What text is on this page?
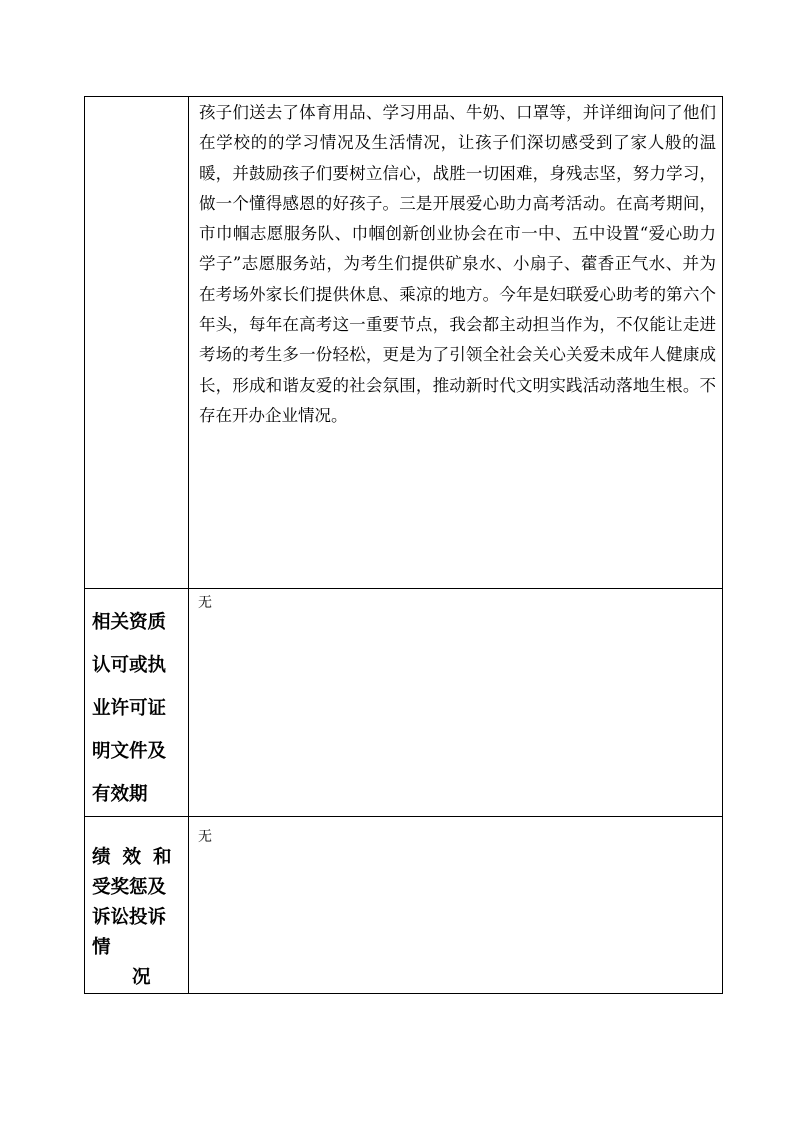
	孩子们送去了体育用品、学习用品、牛奶、口罩等，并详细询问了他们在学校的的学习情况及生活情况，让孩子们深切感受到了家人般的温暖，并鼓励孩子们要树立信心，战胜一切困难，身残志坚，努力学习，做一个懂得感恩的好孩子。三是开展爱心助力高考活动。在高考期间，市巾帼志愿服务队、巾帼创新创业协会在市一中、五中设置“爱心助力学子”志愿服务站，为考生们提供矿泉水、小扇子、藿香正气水、并为在考场外家长们提供休息、乘凉的地方。今年是妇联爱心助考的第六个年头，每年在高考这一重要节点，我会都主动担当作为，不仅能让走进考场的考生多一份轻松，更是为了引领全社会关心关爱未成年人健康成长，形成和谐友爱的社会氛围，推动新时代文明实践活动落地生根。不存在开办企业情况。

相关资质
认可或执
业许可证
明文件及
有效期	无

绩效和
受奖惩及
诉讼投诉
情
况	无
